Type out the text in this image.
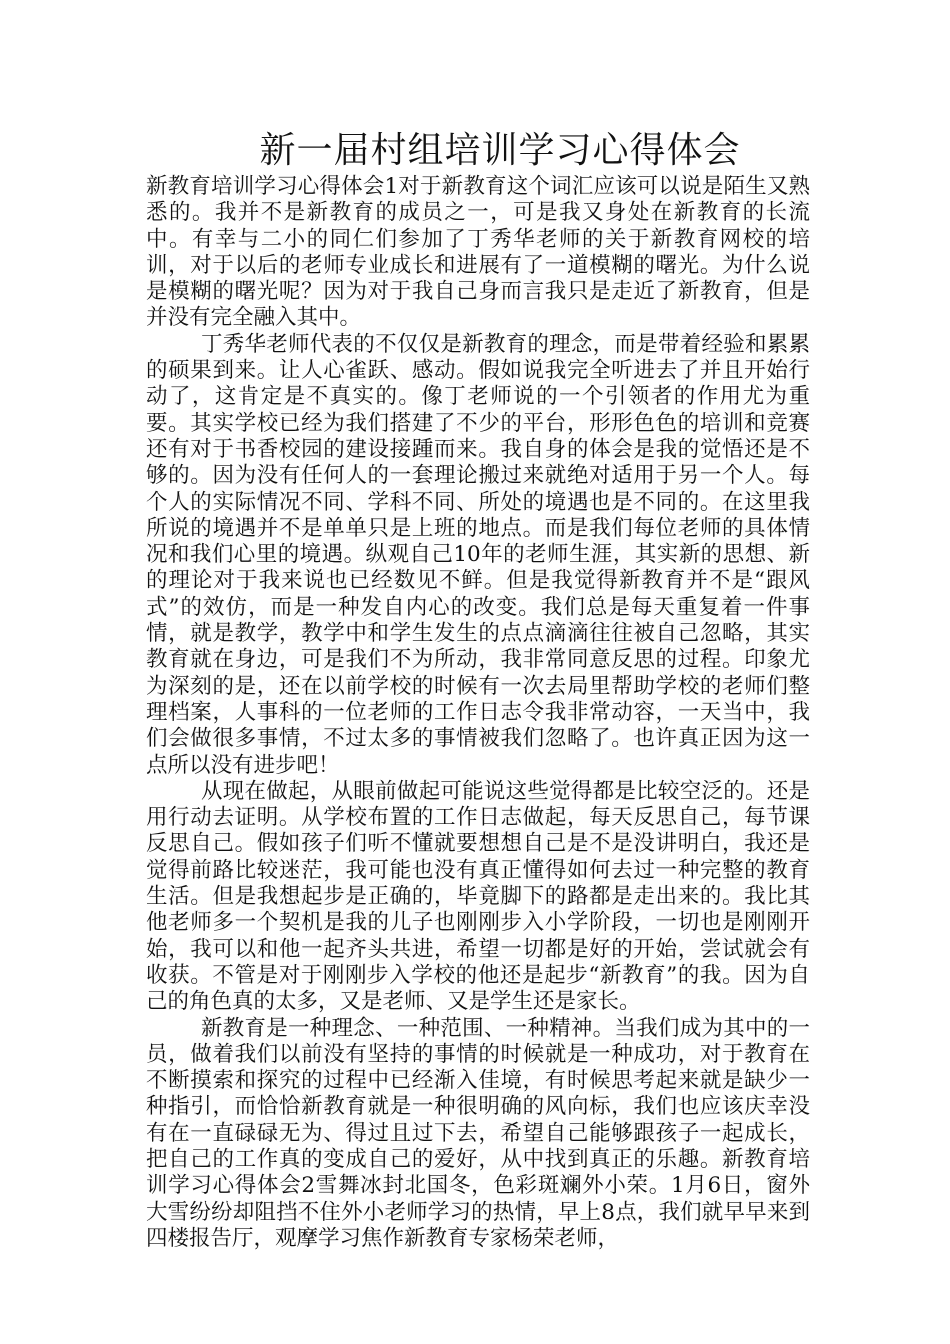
新一届村组培训学习心得体会

新教育培训学习心得体会1对于新教育这个词汇应该可以说是陌生又熟悉的。我并不是新教育的成员之一，可是我又身处在新教育的长流中。有幸与二小的同仁们参加了丁秀华老师的关于新教育网校的培训，对于以后的老师专业成长和进展有了一道模糊的曙光。为什么说是模糊的曙光呢？因为对于我自己身而言我只是走近了新教育，但是并没有完全融入其中。

丁秀华老师代表的不仅仅是新教育的理念，而是带着经验和累累的硕果到来。让人心雀跃、感动。假如说我完全听进去了并且开始行动了，这肯定是不真实的。像丁老师说的一个引领者的作用尤为重要。其实学校已经为我们搭建了不少的平台，形形色色的培训和竞赛还有对于书香校园的建设接踵而来。我自身的体会是我的觉悟还是不够的。因为没有任何人的一套理论搬过来就绝对适用于另一个人。每个人的实际情况不同、学科不同、所处的境遇也是不同的。在这里我所说的境遇并不是单单只是上班的地点。而是我们每位老师的具体情况和我们心里的境遇。纵观自己10年的老师生涯，其实新的思想、新的理论对于我来说也已经数见不鲜。但是我觉得新教育并不是“跟风式”的效仿，而是一种发自内心的改变。我们总是每天重复着一件事情，就是教学，教学中和学生发生的点点滴滴往往被自己忽略，其实教育就在身边，可是我们不为所动，我非常同意反思的过程。印象尤为深刻的是，还在以前学校的时候有一次去局里帮助学校的老师们整理档案，人事科的一位老师的工作日志令我非常动容，一天当中，我们会做很多事情，不过太多的事情被我们忽略了。也许真正因为这一点所以没有进步吧！

从现在做起，从眼前做起可能说这些觉得都是比较空泛的。还是用行动去证明。从学校布置的工作日志做起，每天反思自己，每节课反思自己。假如孩子们听不懂就要想想自己是不是没讲明白，我还是觉得前路比较迷茫，我可能也没有真正懂得如何去过一种完整的教育生活。但是我想起步是正确的，毕竟脚下的路都是走出来的。我比其他老师多一个契机是我的儿子也刚刚步入小学阶段，一切也是刚刚开始，我可以和他一起齐头共进，希望一切都是好的开始，尝试就会有收获。不管是对于刚刚步入学校的他还是起步“新教育”的我。因为自己的角色真的太多，又是老师、又是学生还是家长。

新教育是一种理念、一种范围、一种精神。当我们成为其中的一员，做着我们以前没有坚持的事情的时候就是一种成功，对于教育在不断摸索和探究的过程中已经渐入佳境，有时候思考起来就是缺少一种指引，而恰恰新教育就是一种很明确的风向标，我们也应该庆幸没有在一直碌碌无为、得过且过下去，希望自己能够跟孩子一起成长，把自己的工作真的变成自己的爱好，从中找到真正的乐趣。新教育培训学习心得体会2雪舞冰封北国冬，色彩斑斓外小荣。1月6日，窗外大雪纷纷却阻挡不住外小老师学习的热情，早上8点，我们就早早来到四楼报告厅，观摩学习焦作新教育专家杨荣老师，
